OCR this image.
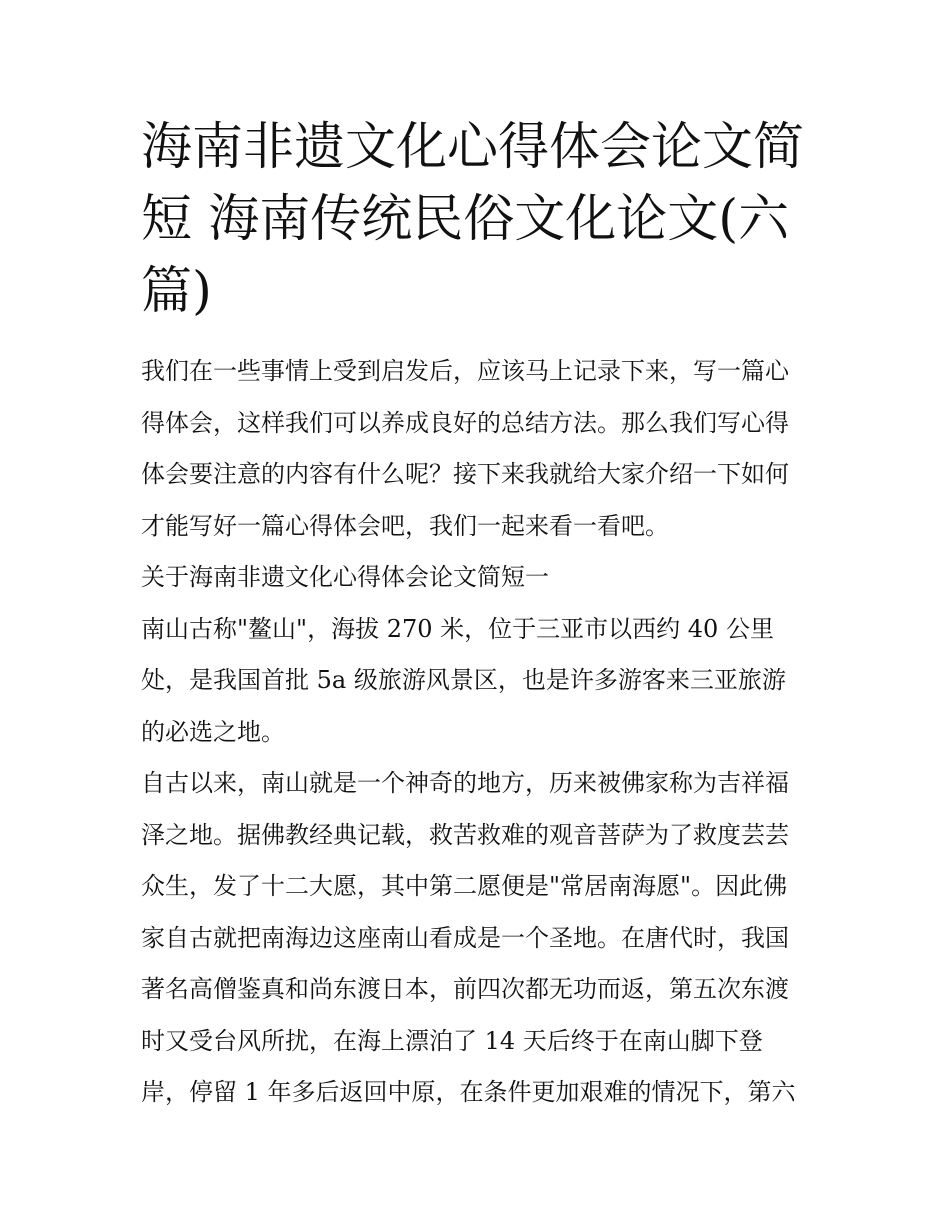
海南非遗文化心得体会论文简
短 海南传统民俗文化论文(六
篇)

我们在一些事情上受到启发后，应该马上记录下来，写一篇心
得体会，这样我们可以养成良好的总结方法。那么我们写心得
体会要注意的内容有什么呢？接下来我就给大家介绍一下如何
才能写好一篇心得体会吧，我们一起来看一看吧。

关于海南非遗文化心得体会论文简短一

南山古称"鳌山"，海拔 270 米，位于三亚市以西约 40 公里
处，是我国首批 5a 级旅游风景区，也是许多游客来三亚旅游
的必选之地。

自古以来，南山就是一个神奇的地方，历来被佛家称为吉祥福
泽之地。据佛教经典记载，救苦救难的观音菩萨为了救度芸芸
众生，发了十二大愿，其中第二愿便是"常居南海愿"。因此佛
家自古就把南海边这座南山看成是一个圣地。在唐代时，我国
著名高僧鉴真和尚东渡日本，前四次都无功而返，第五次东渡
时又受台风所扰，在海上漂泊了 14 天后终于在南山脚下登
岸，停留 1 年多后返回中原，在条件更加艰难的情况下，第六
